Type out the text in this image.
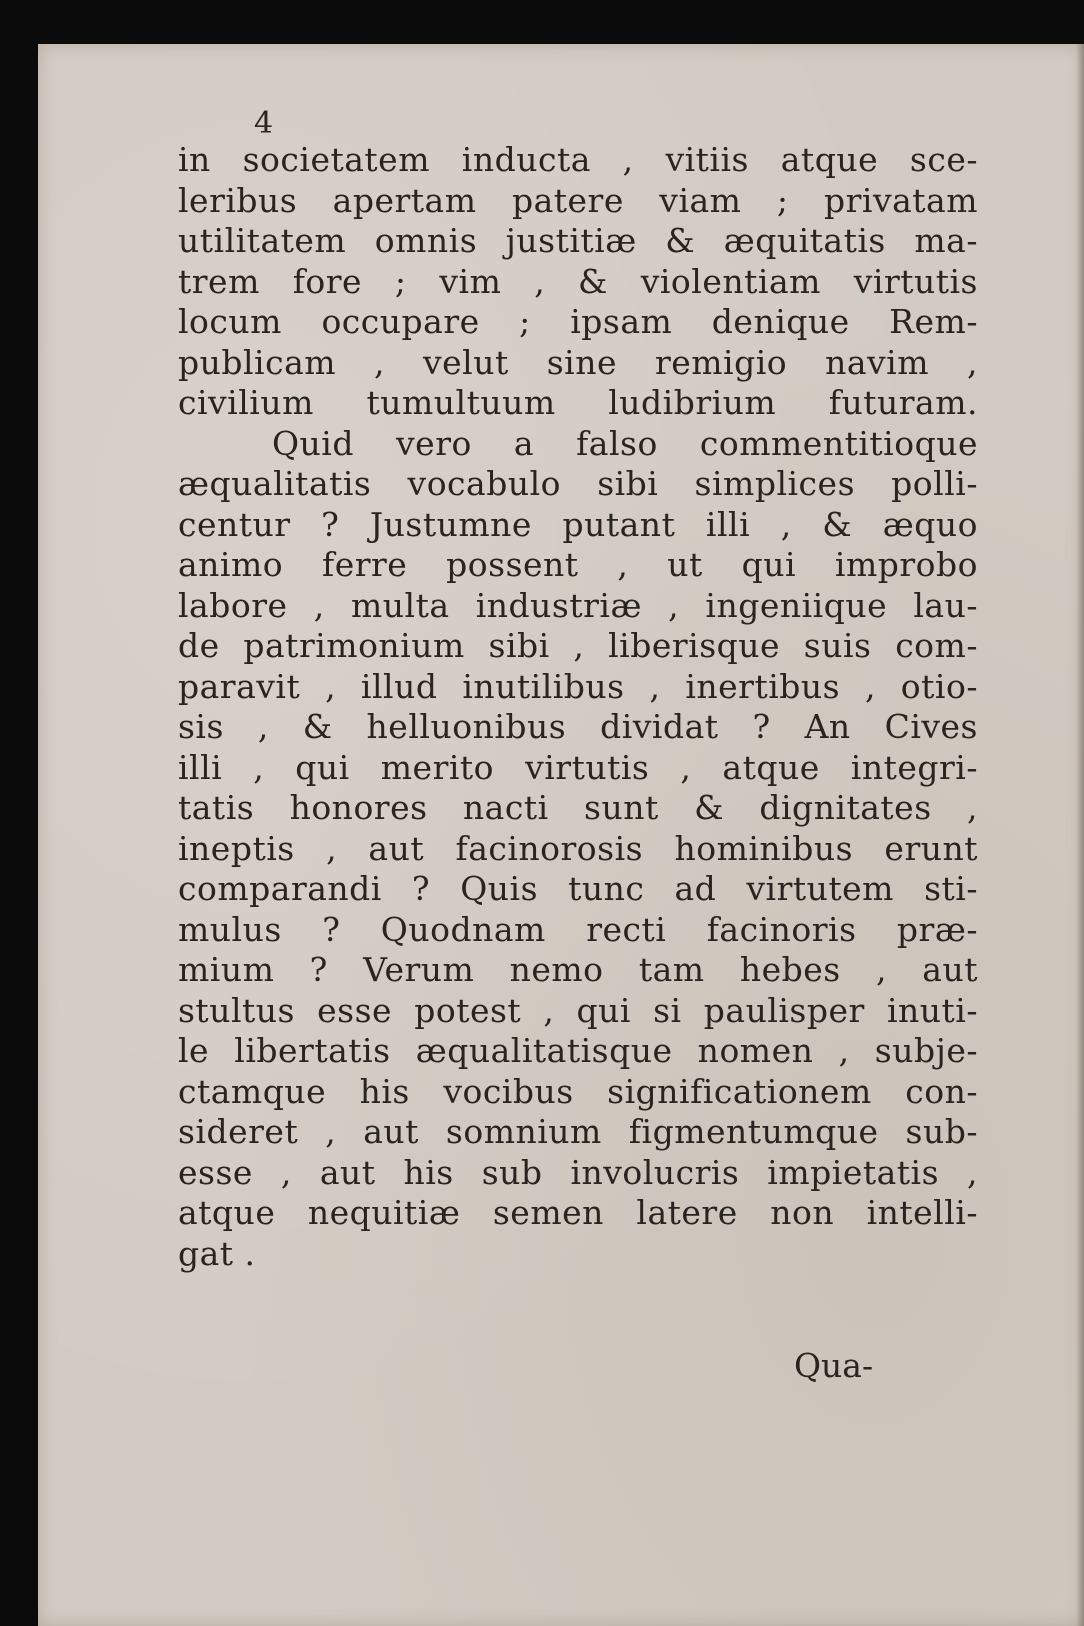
4
in societatem inducta , vitiis atque sce-
leribus apertam patere viam ; privatam
utilitatem omnis justitiæ & æquitatis ma-
trem fore ; vim , & violentiam virtutis
locum occupare ; ipsam denique Rem-
publicam , velut sine remigio navim ,
civilium tumultuum ludibrium futuram.
Quid vero a falso commentitioque
æqualitatis vocabulo sibi simplices polli-
centur ? Justumne putant illi , & æquo
animo ferre possent , ut qui improbo
labore , multa industriæ , ingeniique lau-
de patrimonium sibi , liberisque suis com-
paravit , illud inutilibus , inertibus , otio-
sis , & helluonibus dividat ? An Cives
illi , qui merito virtutis , atque integri-
tatis honores nacti sunt & dignitates ,
ineptis , aut facinorosis hominibus erunt
comparandi ? Quis tunc ad virtutem sti-
mulus ? Quodnam recti facinoris præ-
mium ? Verum nemo tam hebes , aut
stultus esse potest , qui si paulisper inuti-
le libertatis æqualitatisque nomen , subje-
ctamque his vocibus significationem con-
sideret , aut somnium figmentumque sub-
esse , aut his sub involucris impietatis ,
atque nequitiæ semen latere non intelli-
gat .
Qua-
